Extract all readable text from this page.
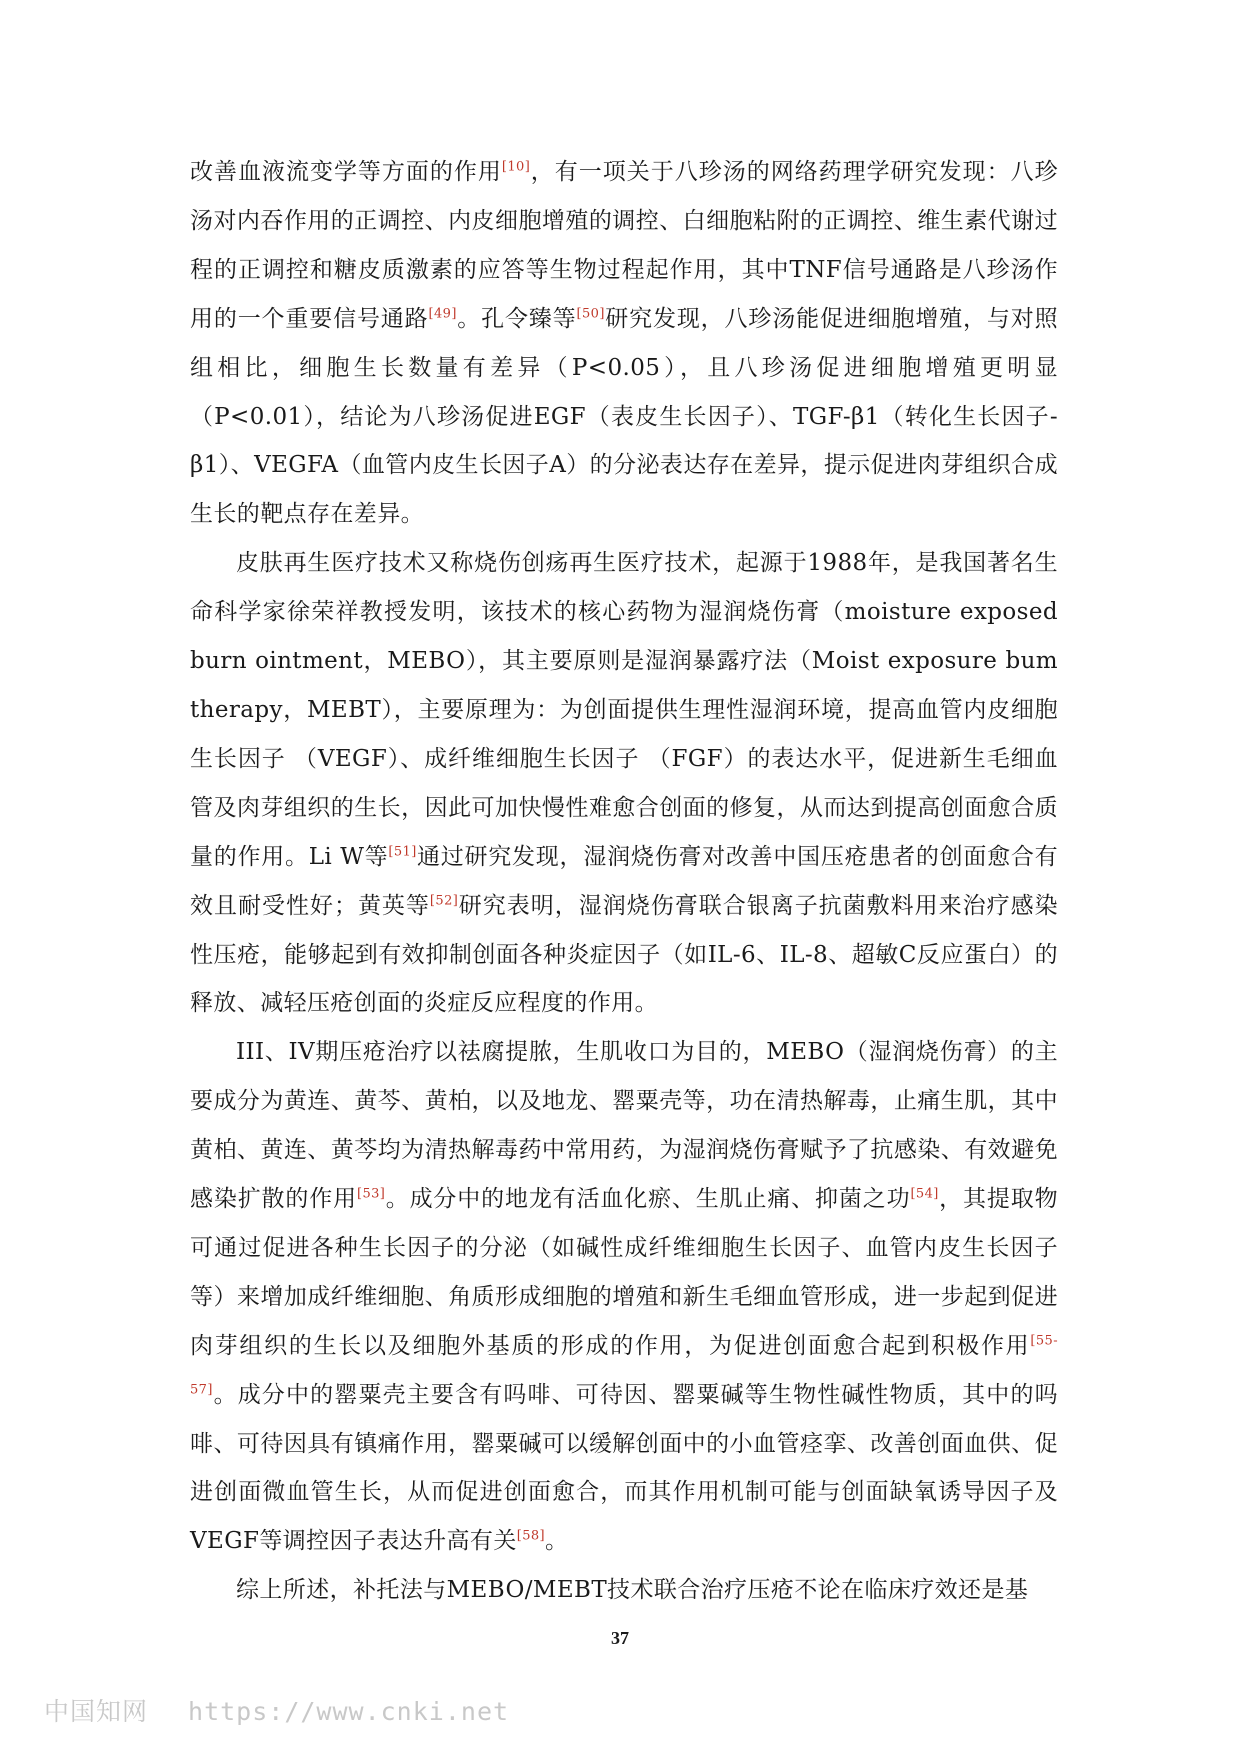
改善血液流变学等方面的作用[10]，有一项关于八珍汤的网络药理学研究发现：八珍汤对内吞作用的正调控、内皮细胞增殖的调控、白细胞粘附的正调控、维生素代谢过程的正调控和糖皮质激素的应答等生物过程起作用，其中TNF信号通路是八珍汤作用的一个重要信号通路[49]。孔令臻等[50]研究发现，八珍汤能促进细胞增殖，与对照组相比，细胞生长数量有差异（P<0.05），且八珍汤促进细胞增殖更明显（P<0.01），结论为八珍汤促进EGF（表皮生长因子）、TGF-β1（转化生长因子-β1）、VEGFA（血管内皮生长因子A）的分泌表达存在差异，提示促进肉芽组织合成生长的靶点存在差异。

皮肤再生医疗技术又称烧伤创疡再生医疗技术，起源于1988年，是我国著名生命科学家徐荣祥教授发明，该技术的核心药物为湿润烧伤膏（moisture exposed burn ointment，MEBO），其主要原则是湿润暴露疗法（Moist exposure bum therapy，MEBT），主要原理为：为创面提供生理性湿润环境，提高血管内皮细胞生长因子 （VEGF）、成纤维细胞生长因子 （FGF）的表达水平，促进新生毛细血管及肉芽组织的生长，因此可加快慢性难愈合创面的修复，从而达到提高创面愈合质量的作用。Li W等[51]通过研究发现，湿润烧伤膏对改善中国压疮患者的创面愈合有效且耐受性好；黄英等[52]研究表明，湿润烧伤膏联合银离子抗菌敷料用来治疗感染性压疮，能够起到有效抑制创面各种炎症因子（如IL-6、IL-8、超敏C反应蛋白）的释放、减轻压疮创面的炎症反应程度的作用。

III、IV期压疮治疗以祛腐提脓，生肌收口为目的，MEBO（湿润烧伤膏）的主要成分为黄连、黄芩、黄柏，以及地龙、罂粟壳等，功在清热解毒，止痛生肌，其中黄柏、黄连、黄芩均为清热解毒药中常用药，为湿润烧伤膏赋予了抗感染、有效避免感染扩散的作用[53]。成分中的地龙有活血化瘀、生肌止痛、抑菌之功[54]，其提取物可通过促进各种生长因子的分泌（如碱性成纤维细胞生长因子、血管内皮生长因子等）来增加成纤维细胞、角质形成细胞的增殖和新生毛细血管形成，进一步起到促进肉芽组织的生长以及细胞外基质的形成的作用，为促进创面愈合起到积极作用[55-57]。成分中的罂粟壳主要含有吗啡、可待因、罂粟碱等生物性碱性物质，其中的吗啡、可待因具有镇痛作用，罂粟碱可以缓解创面中的小血管痉挛、改善创面血供、促进创面微血管生长，从而促进创面愈合，而其作用机制可能与创面缺氧诱导因子及VEGF等调控因子表达升高有关[58]。

综上所述，补托法与MEBO/MEBT技术联合治疗压疮不论在临床疗效还是基

37
中国知网 https://www.cnki.net
